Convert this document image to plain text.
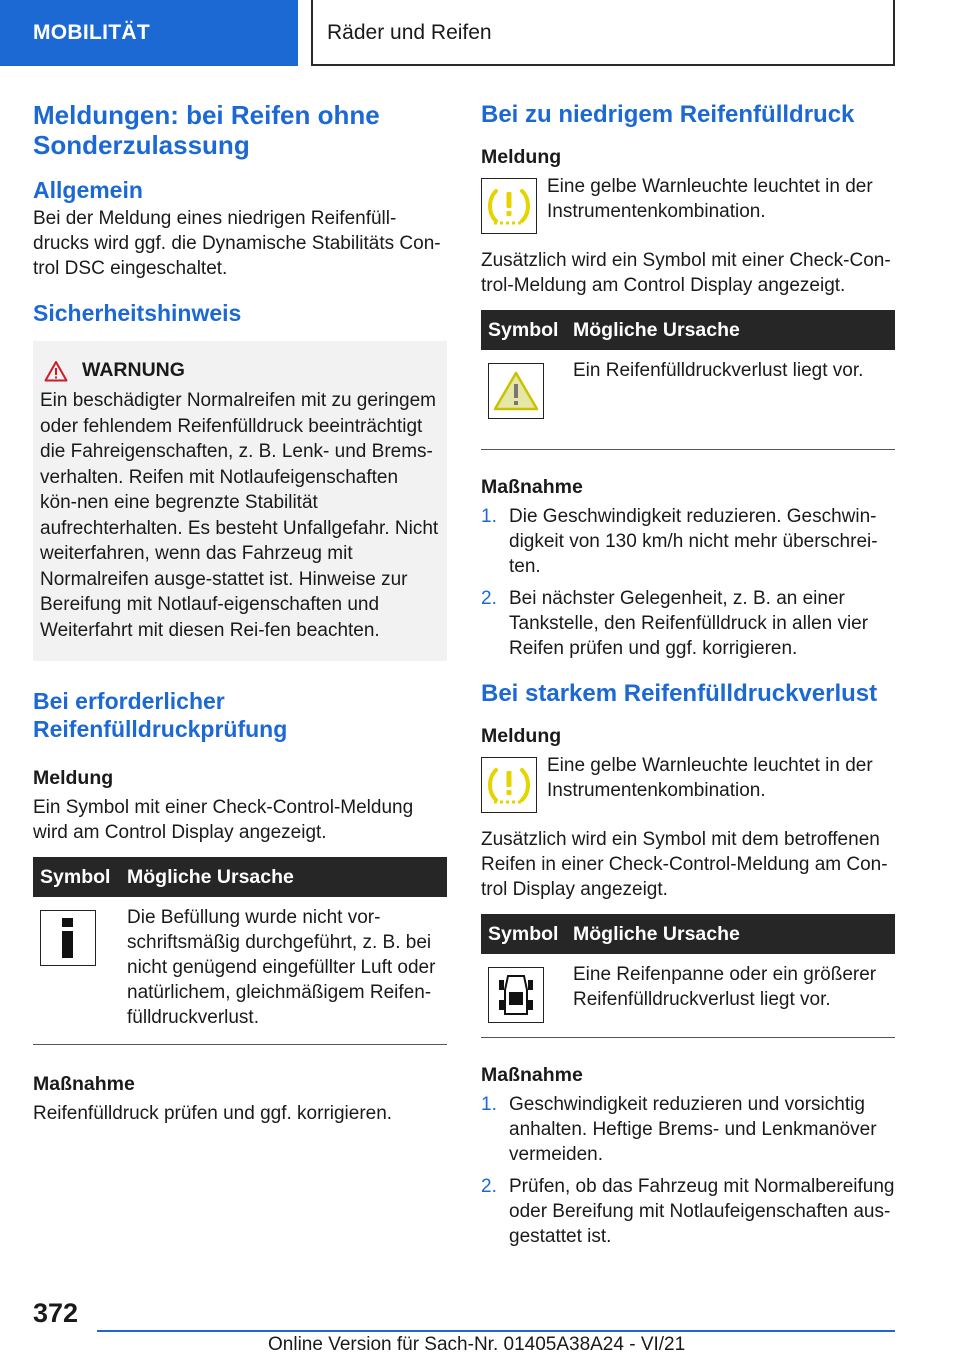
MOBILITÄT	Räder und Reifen
Meldungen: bei Reifen ohne Sonderzulassung
Allgemein

Bei der Meldung eines niedrigen Reifenfüll-drucks wird ggf. die Dynamische Stabilitäts Con-trol DSC eingeschaltet.

Sicherheitshinweis
WARNUNG

Ein beschädigter Normalreifen mit zu geringem oder fehlendem Reifenfülldruck beeinträchtigt die Fahreigenschaften, z. B. Lenk- und Brems-verhalten. Reifen mit Notlaufeigenschaften kön-nen eine begrenzte Stabilität aufrechterhalten. Es besteht Unfallgefahr. Nicht weiterfahren, wenn das Fahrzeug mit Normalreifen ausge-stattet ist. Hinweise zur Bereifung mit Notlauf-eigenschaften und Weiterfahrt mit diesen Rei-fen beachten.

Bei erforderlicher Reifenfülldruckprüfung
Meldung

Ein Symbol mit einer Check-Control-Meldung wird am Control Display angezeigt.

Symbol Mögliche Ursache
Die Befüllung wurde nicht vor-schriftsmäßig durchgeführt, z. B. bei nicht genügend eingefüllter Luft oder natürlichem, gleichmäßigem Reifen-fülldruckverlust.
Maßnahme

Reifenfülldruck prüfen und ggf. korrigieren.

Bei zu niedrigem Reifenfülldruck
Meldung

Eine gelbe Warnleuchte leuchtet in der Instrumentenkombination.

Zusätzlich wird ein Symbol mit einer Check-Con-trol-Meldung am Control Display angezeigt.

Symbol Mögliche Ursache
Ein Reifenfülldruckverlust liegt vor.
Maßnahme
1. Die Geschwindigkeit reduzieren. Geschwin-digkeit von 130 km/h nicht mehr überschrei-ten.
2. Bei nächster Gelegenheit, z. B. an einer Tankstelle, den Reifenfülldruck in allen vier Reifen prüfen und ggf. korrigieren.
Bei starkem Reifenfülldruckverlust
Meldung

Eine gelbe Warnleuchte leuchtet in der Instrumentenkombination.

Zusätzlich wird ein Symbol mit dem betroffenen Reifen in einer Check-Control-Meldung am Con-trol Display angezeigt.

Symbol Mögliche Ursache
Eine Reifenpanne oder ein größerer Reifenfülldruckverlust liegt vor.
Maßnahme
1. Geschwindigkeit reduzieren und vorsichtig anhalten. Heftige Brems- und Lenkmanöver vermeiden.
2. Prüfen, ob das Fahrzeug mit Normalbereifung oder Bereifung mit Notlaufeigenschaften aus-gestattet ist.
372
Online Version für Sach-Nr. 01405A38A24 - VI/21
